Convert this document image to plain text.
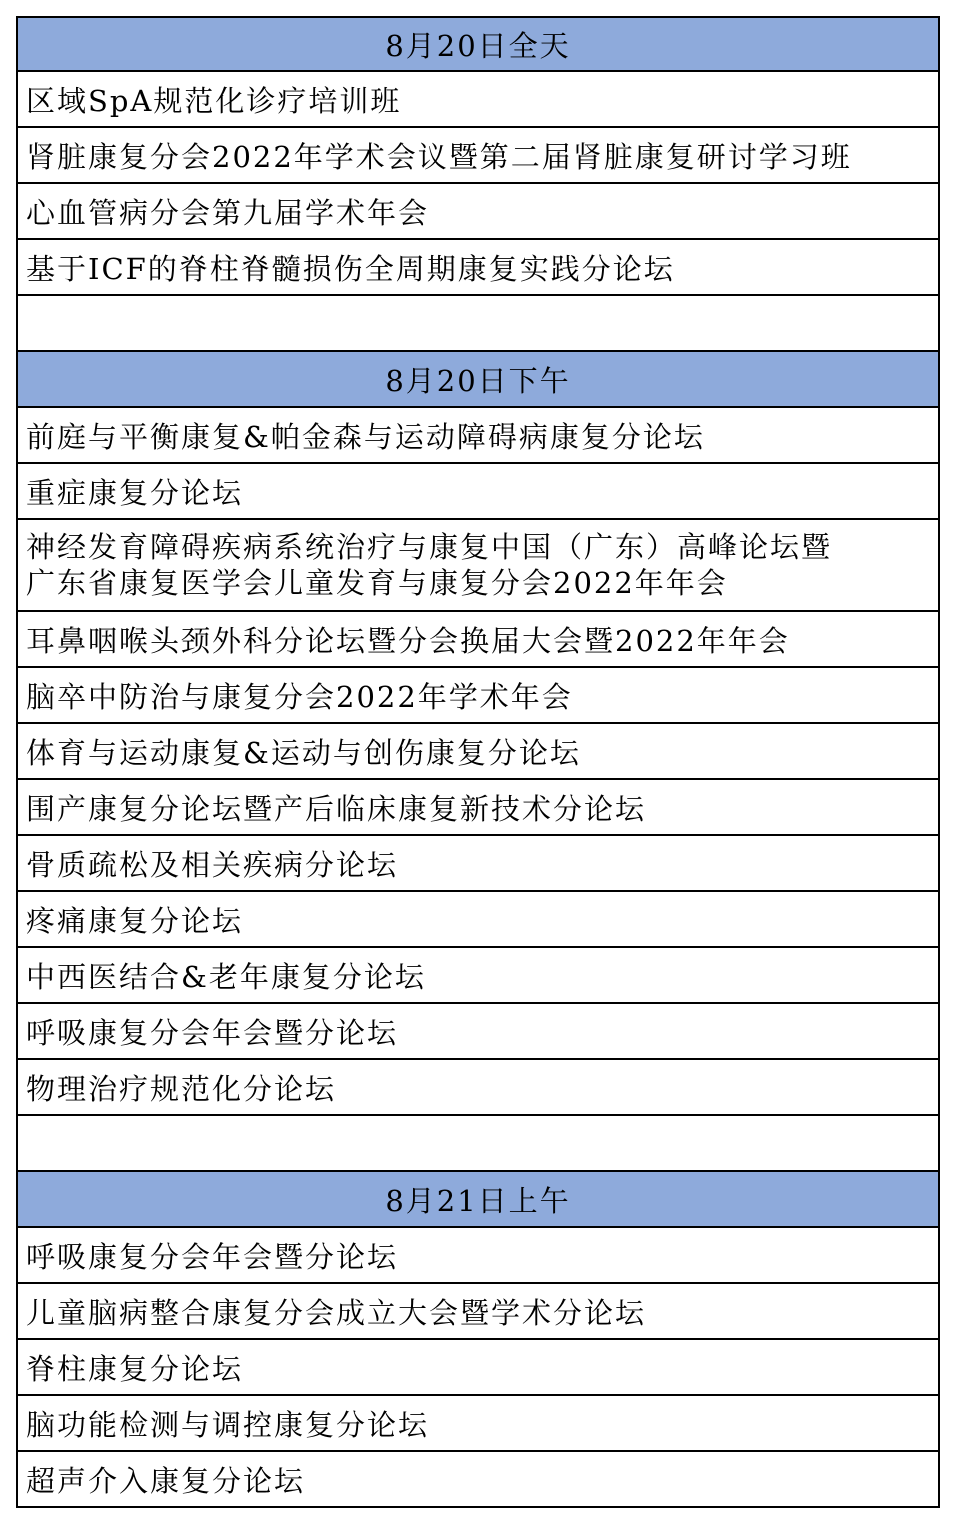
8月20日全天
区域SpA规范化诊疗培训班
肾脏康复分会2022年学术会议暨第二届肾脏康复研讨学习班
心血管病分会第九届学术年会
基于ICF的脊柱脊髓损伤全周期康复实践分论坛
8月20日下午
前庭与平衡康复&帕金森与运动障碍病康复分论坛
重症康复分论坛
神经发育障碍疾病系统治疗与康复中国（广东）高峰论坛暨
广东省康复医学会儿童发育与康复分会2022年年会
耳鼻咽喉头颈外科分论坛暨分会换届大会暨2022年年会
脑卒中防治与康复分会2022年学术年会
体育与运动康复&运动与创伤康复分论坛
围产康复分论坛暨产后临床康复新技术分论坛
骨质疏松及相关疾病分论坛
疼痛康复分论坛
中西医结合&老年康复分论坛
呼吸康复分会年会暨分论坛
物理治疗规范化分论坛
8月21日上午
呼吸康复分会年会暨分论坛
儿童脑病整合康复分会成立大会暨学术分论坛
脊柱康复分论坛
脑功能检测与调控康复分论坛
超声介入康复分论坛
